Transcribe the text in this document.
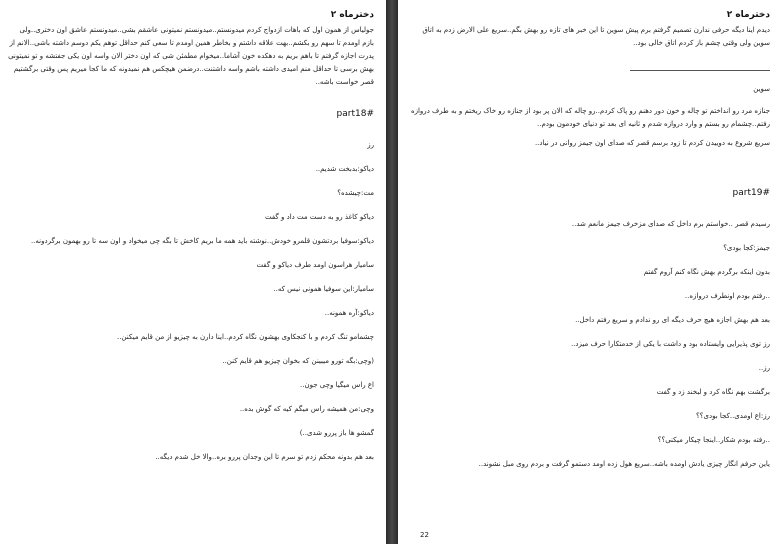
دخترماه ۲

جولیاس از همون اول که باهات ازدواج کردم میدونستم..میدونستم نمیتونی عاشقم بشی..میدونستم عاشق اون دختری..ولی بازم اومدم تا سهم رو بکشم..بهت علاقه داشتم و بخاطر همین اومدم تا سعی کنم حداقل توهم یکم دوسم داشته باشی..الانم از پدرت اجازه گرفتم تا باهم بریم به دهکده خون آشاما..میخوام مطمئن شی که اون دختر الان واسه اون یکی جفتشه و تو نمیتونی بهش برسی تا حداقل منم امیدی داشته باشم واسه داشتنت..درضمن هیچکس هم نمیدونه که ما کجا میریم پس وقتی برگشتیم قصر خواست باشه..

part18#
رز
دیاکو:بدبخت شدیم..
مت:چیشده؟
دیاکو کاغذ رو به دست مت داد و گفت
دیاکو:سوفیا بردتشون قلمرو خودش..نوشته باید همه ما بریم کاخش تا بگه چی میخواد و اون سه تا رو بهمون برگردونه..
سامیار هراسون اومد طرف دیاکو و گفت
سامیار:این سوفیا همونی نیس که..
دیاکو:آره همونه..
چشمامو تنگ کردم و با کنجکاوی بهشون نگاه کردم..اینا دارن به چیزیو از من قایم میکنن..
(وچی:بگه تورو میبینن که بخوان چیزیو هم قایم کنن..
اع راس میگیا وچی جون..
وچی:من همیشه راس میگم کیه که گوش بده..
گمشو ها باز پررو شدی..)
بعد هم بدونه محکم زدم تو سرم تا این وجدان پررو بره..والا خل شدم دیگه..
دخترماه ۲

دیدم اینا دیگه حرفی ندارن تصمیم گرفتم برم پیش سوین تا این خبر های تازه رو بهش بگم..سریع علی الارض زدم به اتاق سوین ولی وقتی چشم باز کردم اتاق خالی بود..

سوین

جنازه مرد رو انداختم تو چاله و خون دور دهنم رو پاک کردم..رو چاله که الان پر بود از جنازه رو خاک ریختم و به طرف دروازه رفتم..چشمام رو بستم و وارد دروازه شدم و ثانیه ای بعد تو دنیای خودمون بودم..

سریع شروع به دوییدن کردم تا زود برسم قصر که صدای اون جیمز روانی در نیاد..

part19#
رسیدم قصر ..خواستم برم داخل که صدای مزخرف جیمز مانعم شد..
جیمز:کجا بودی؟
بدون اینکه برگردم بهش نگاه کنم آروم گفتم
..رفتم بودم اونطرف دروازه..
بعد هم بهش اجازه هیچ حرف دیگه ای رو ندادم و سریع رفتم داخل..
رز توی پذیرایی وایستاده بود و داشت با یکی از خدمتکارا حرف میزد..
رز..
برگشت بهم نگاه کرد و لبخند زد و گفت
رز:اع اومدی..کجا بودی؟؟
..رفته بودم شکار..اینجا چیکار میکنی؟؟
یاین حرفم انگار چیزی یادش اومده باشه..سریع هول زده اومد دستمو گرفت و بردم روی مبل نشوند..
22
